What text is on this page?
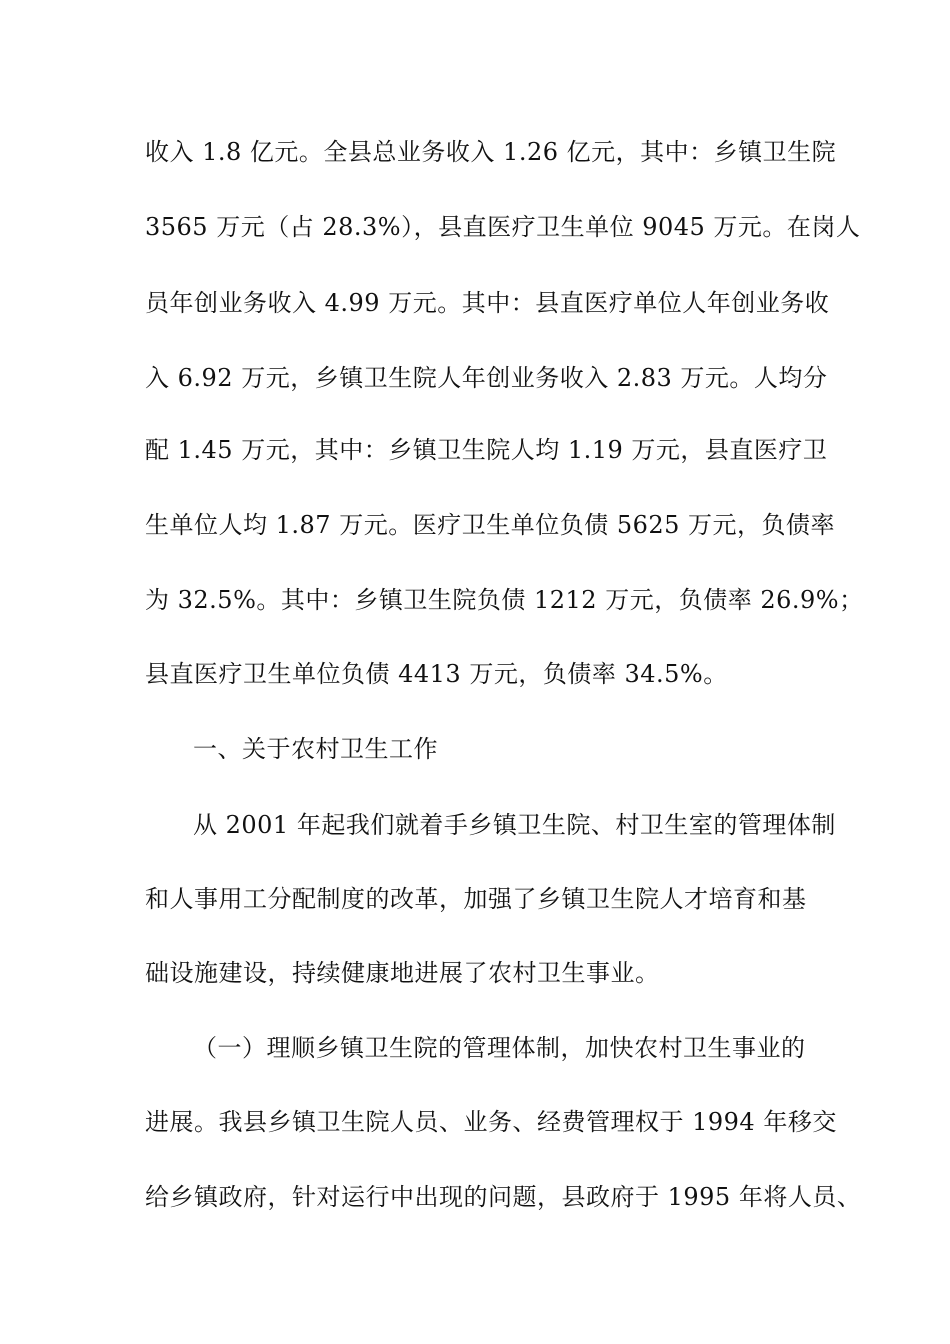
收入 1.8 亿元。全县总业务收入 1.26 亿元，其中：乡镇卫生院

3565 万元（占 28.3%），县直医疗卫生单位 9045 万元。在岗人

员年创业务收入 4.99 万元。其中：县直医疗单位人年创业务收

入 6.92 万元，乡镇卫生院人年创业务收入 2.83 万元。人均分

配 1.45 万元，其中：乡镇卫生院人均 1.19 万元，县直医疗卫

生单位人均 1.87 万元。医疗卫生单位负债 5625 万元，负债率

为 32.5%。其中：乡镇卫生院负债 1212 万元，负债率 26.9%；

县直医疗卫生单位负债 4413 万元，负债率 34.5%。

一、关于农村卫生工作

从 2001 年起我们就着手乡镇卫生院、村卫生室的管理体制

和人事用工分配制度的改革，加强了乡镇卫生院人才培育和基

础设施建设，持续健康地进展了农村卫生事业。

（一）理顺乡镇卫生院的管理体制，加快农村卫生事业的

进展。我县乡镇卫生院人员、业务、经费管理权于 1994 年移交

给乡镇政府，针对运行中出现的问题，县政府于 1995 年将人员、
